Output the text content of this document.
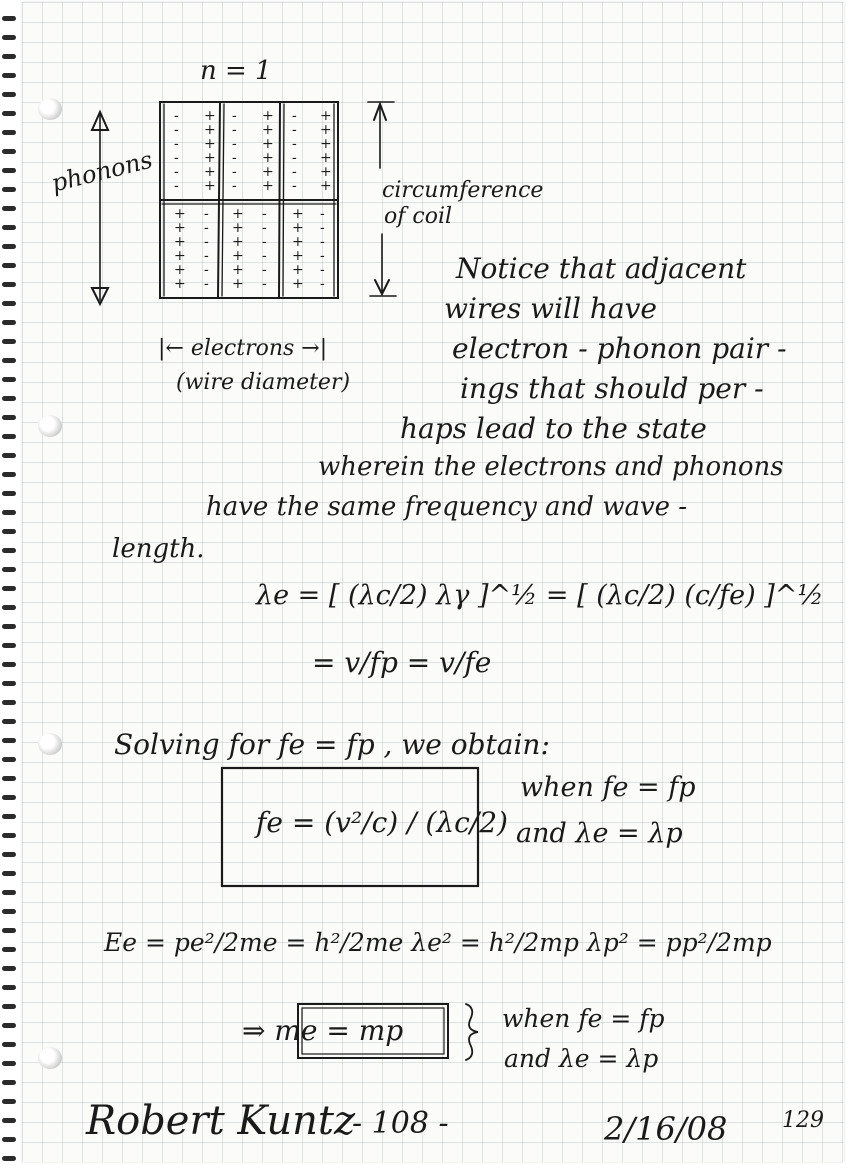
- +
- +
- +
- +
- +
- +
+ -
+ -
+ -
+ -
+ -
+ -
- +
- +
- +
- +
- +
- +
+ -
+ -
+ -
+ -
+ -
+ -
- +
- +
- +
- +
- +
- +
+ -
+ -
+ -
+ -
+ -
+ -
n = 1
phonons	circumference
of coil
|← electrons →|
(wire diameter)
Notice that adjacent
wires will have
electron - phonon pair -
ings that should per -
haps lead to the state
wherein the electrons and phonons
have the same frequency and wave -
length.
λe = [ (λc/2) λγ ]^½ = [ (λc/2) (c/fe) ]^½
= v/fp = v/fe
Solving for fe = fp , we obtain:
fe = (v²/c) / (λc/2)
when fe = fp
and λe = λp
Ee = pe²/2me = h²/2me λe² = h²/2mp λp² = pp²/2mp
⇒ me = mp	when fe = fp
and λe = λp
Robert Kuntz
- 108 -	2/16/08 129
